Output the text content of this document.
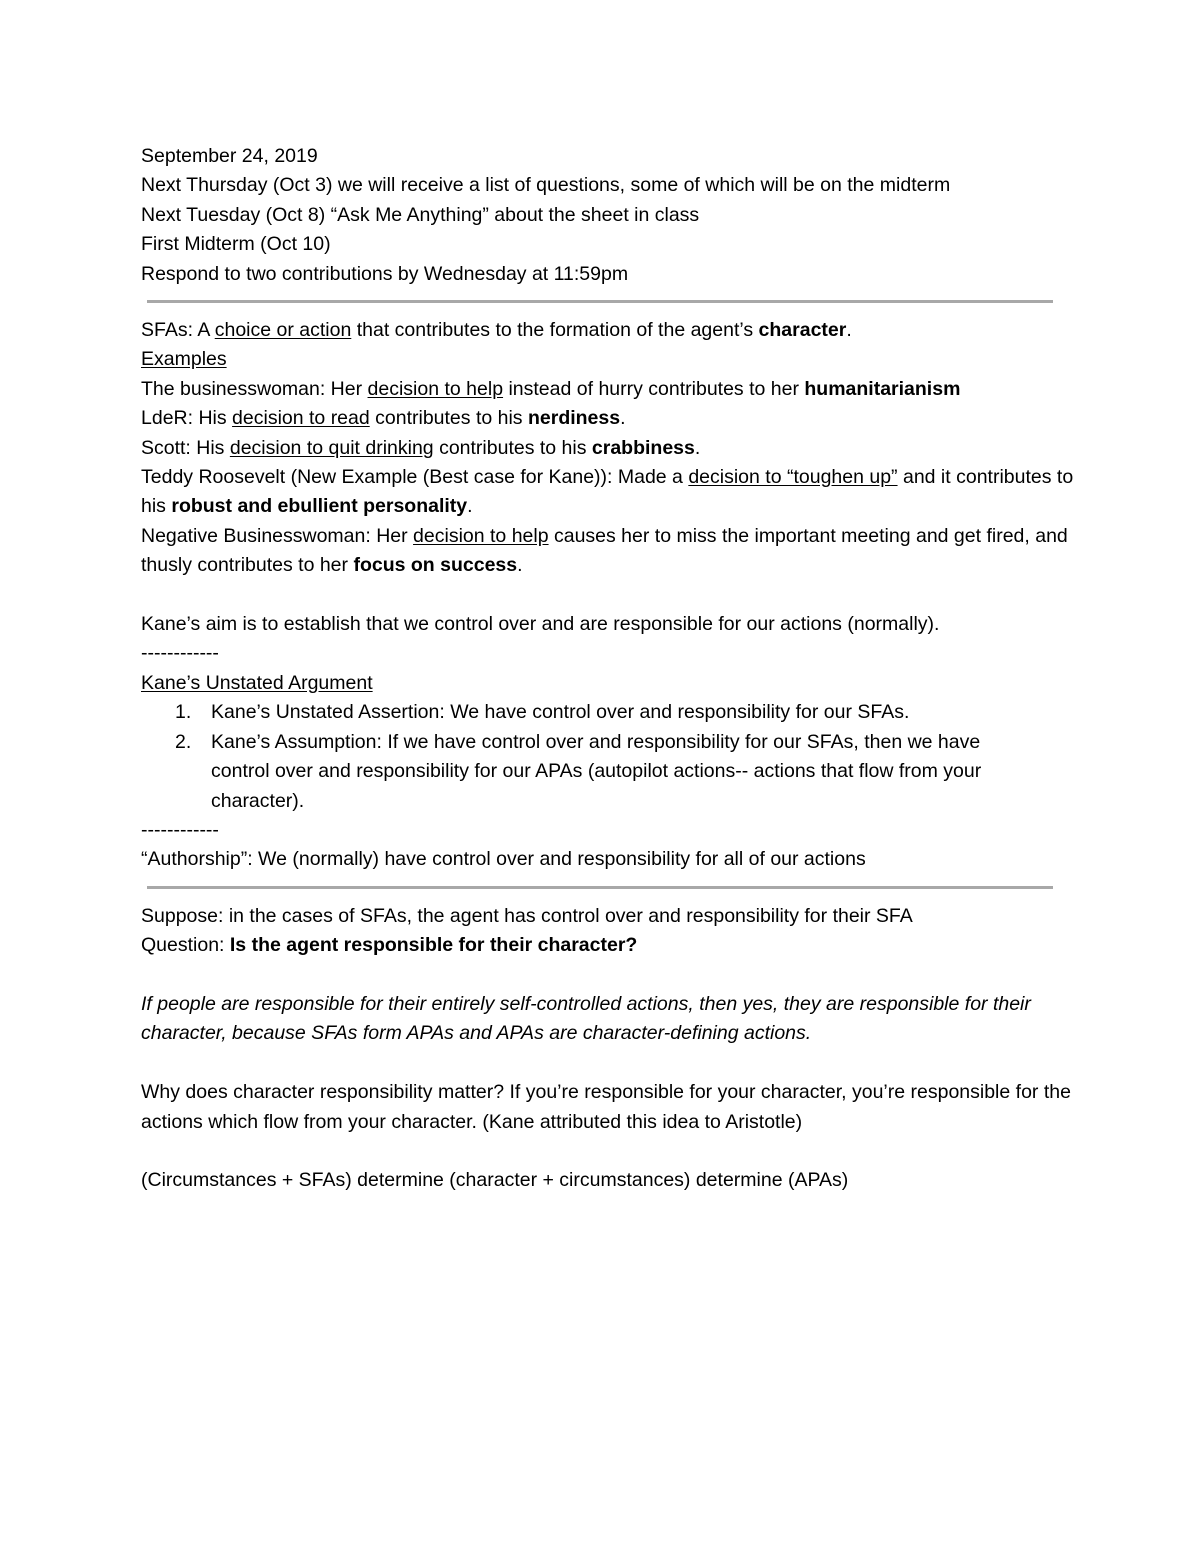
September 24, 2019
Next Thursday (Oct 3) we will receive a list of questions, some of which will be on the midterm
Next Tuesday (Oct 8) “Ask Me Anything” about the sheet in class
First Midterm (Oct 10)
Respond to two contributions by Wednesday at 11:59pm
SFAs: A choice or action that contributes to the formation of the agent’s character.
Examples
The businesswoman: Her decision to help instead of hurry contributes to her humanitarianism
LdeR: His decision to read contributes to his nerdiness.
Scott: His decision to quit drinking contributes to his crabbiness.
Teddy Roosevelt (New Example (Best case for Kane)): Made a decision to “toughen up” and it contributes to his robust and ebullient personality.
Negative Businesswoman: Her decision to help causes her to miss the important meeting and get fired, and thusly contributes to her focus on success.
Kane’s aim is to establish that we control over and are responsible for our actions (normally).
------------
Kane’s Unstated Argument
1. Kane’s Unstated Assertion: We have control over and responsibility for our SFAs.
2. Kane’s Assumption: If we have control over and responsibility for our SFAs, then we have control over and responsibility for our APAs (autopilot actions-- actions that flow from your character).
------------
“Authorship”: We (normally) have control over and responsibility for all of our actions
Suppose: in the cases of SFAs, the agent has control over and responsibility for their SFA
Question: Is the agent responsible for their character?
If people are responsible for their entirely self-controlled actions, then yes, they are responsible for their character, because SFAs form APAs and APAs are character-defining actions.
Why does character responsibility matter? If you’re responsible for your character, you’re responsible for the actions which flow from your character. (Kane attributed this idea to Aristotle)
(Circumstances + SFAs) determine (character + circumstances) determine (APAs)
